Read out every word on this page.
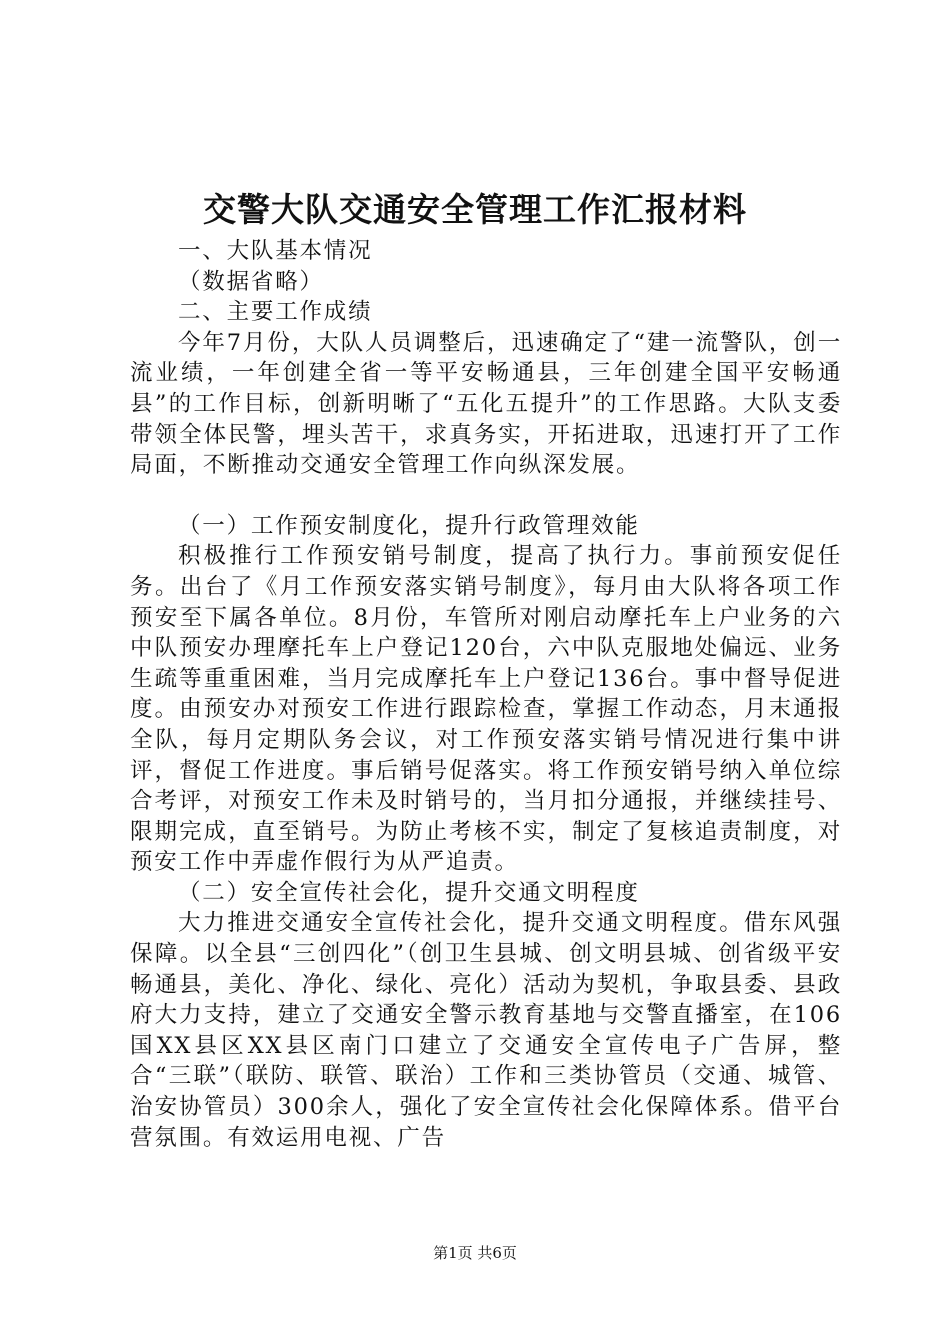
交警大队交通安全管理工作汇报材料

一、大队基本情况

（数据省略）

二、主要工作成绩

今年7月份，大队人员调整后，迅速确定了“建一流警队，创一流业绩，一年创建全省一等平安畅通县，三年创建全国平安畅通县”的工作目标，创新明晰了“五化五提升”的工作思路。大队支委带领全体民警，埋头苦干，求真务实，开拓进取，迅速打开了工作局面，不断推动交通安全管理工作向纵深发展。

（一）工作预安制度化，提升行政管理效能

积极推行工作预安销号制度，提高了执行力。事前预安促任务。出台了《月工作预安落实销号制度》，每月由大队将各项工作预安至下属各单位。8月份，车管所对刚启动摩托车上户业务的六中队预安办理摩托车上户登记120台，六中队克服地处偏远、业务生疏等重重困难，当月完成摩托车上户登记136台。事中督导促进度。由预安办对预安工作进行跟踪检查，掌握工作动态，月末通报全队，每月定期队务会议，对工作预安落实销号情况进行集中讲评，督促工作进度。事后销号促落实。将工作预安销号纳入单位综合考评，对预安工作未及时销号的，当月扣分通报，并继续挂号、限期完成，直至销号。为防止考核不实，制定了复核追责制度，对预安工作中弄虚作假行为从严追责。

（二）安全宣传社会化，提升交通文明程度

大力推进交通安全宣传社会化，提升交通文明程度。借东风强保障。以全县“三创四化”（创卫生县城、创文明县城、创省级平安畅通县，美化、净化、绿化、亮化）活动为契机，争取县委、县政府大力支持，建立了交通安全警示教育基地与交警直播室，在106国XX县区XX县区南门口建立了交通安全宣传电子广告屏，整合“三联”（联防、联管、联治）工作和三类协管员（交通、城管、治安协管员）300余人，强化了安全宣传社会化保障体系。借平台营氛围。有效运用电视、广告

第1页 共6页
